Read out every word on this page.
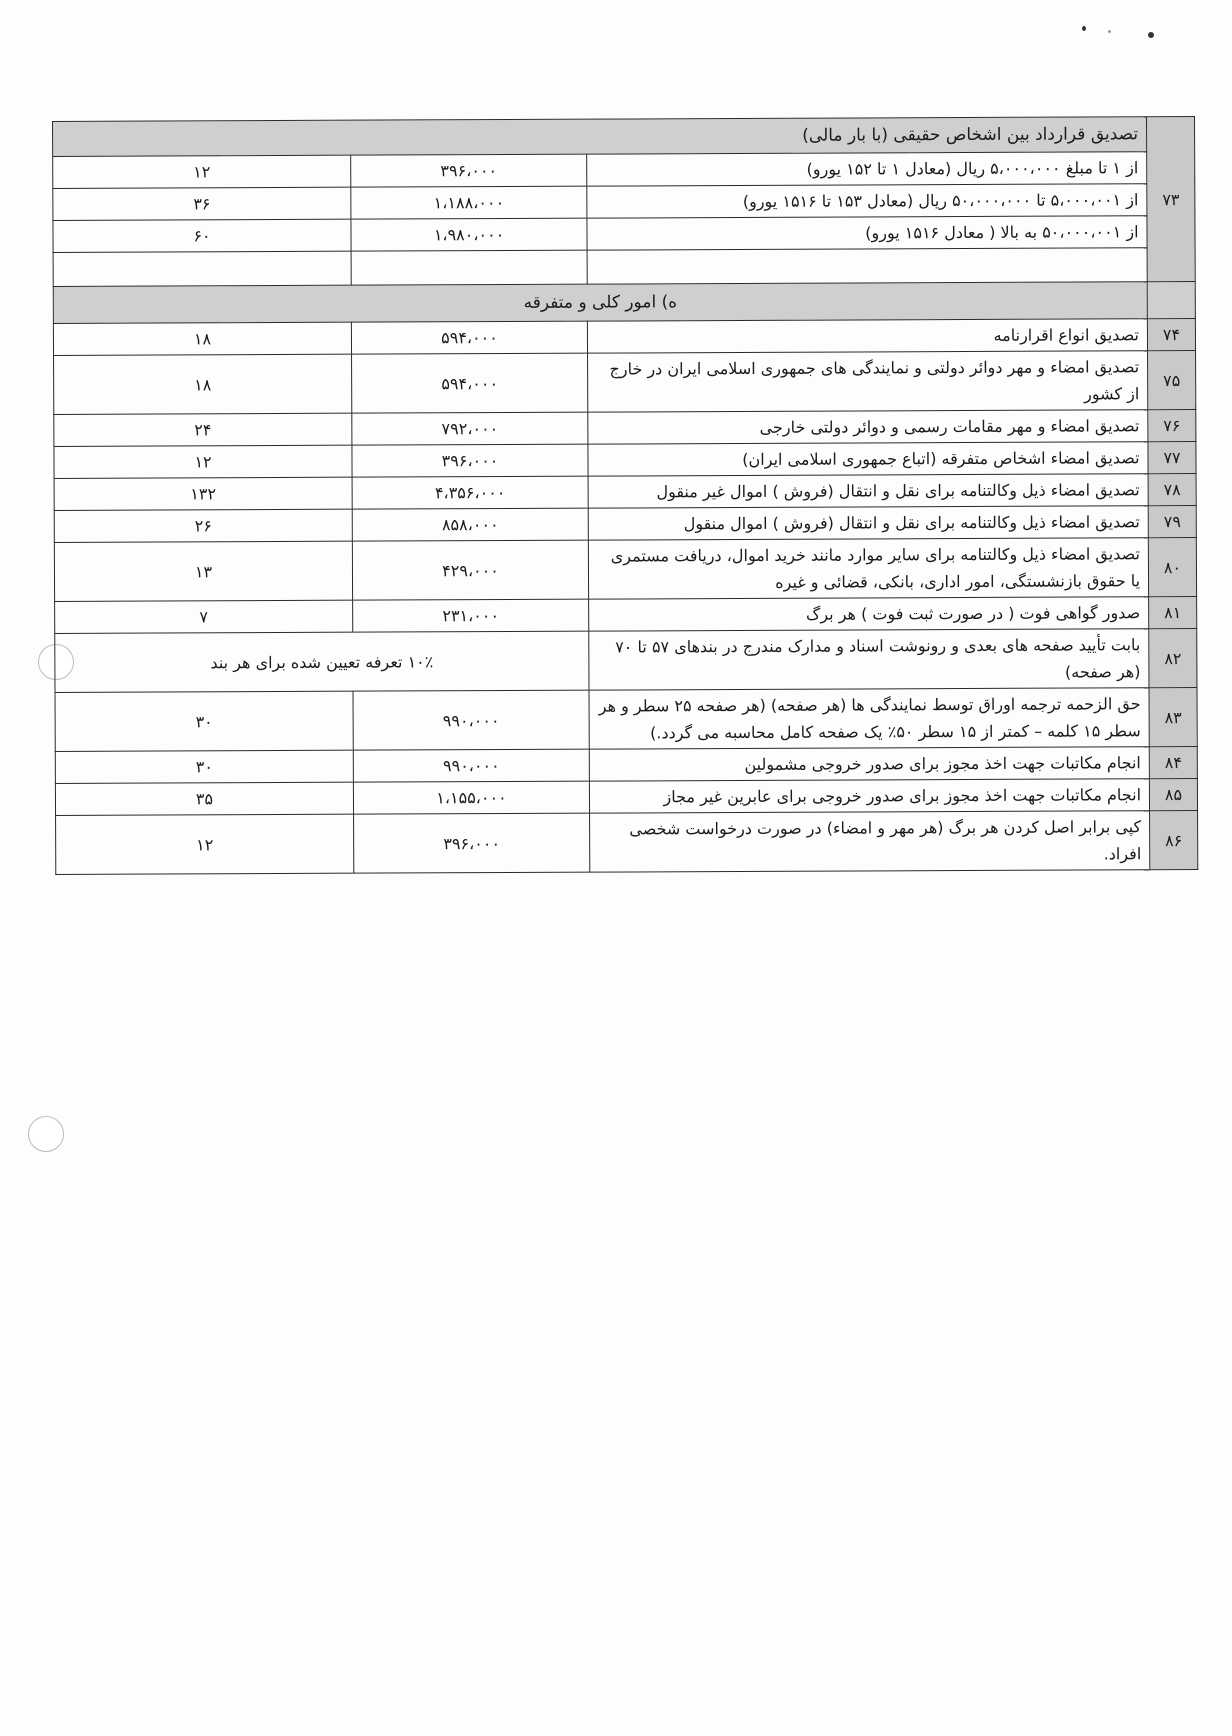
۷۳	تصدیق قرارداد بین اشخاص حقیقی (با بار مالی)		
	از ۱ تا مبلغ ۵،۰۰۰،۰۰۰ ریال (معادل ۱ تا ۱۵۲ یورو)	۳۹۶،۰۰۰	۱۲
	از ۵،۰۰۰،۰۰۱ تا ۵۰،۰۰۰،۰۰۰ ریال (معادل ۱۵۳ تا ۱۵۱۶ یورو)	۱،۱۸۸،۰۰۰	۳۶
	از ۵۰،۰۰۰،۰۰۱ به بالا ( معادل ۱۵۱۶ یورو)	۱،۹۸۰،۰۰۰	۶۰

	ه) امور کلی و متفرقه		
۷۴	تصدیق انواع اقرارنامه	۵۹۴،۰۰۰	۱۸
۷۵	تصدیق امضاء و مهر دوائر دولتی و نمایندگی های جمهوری اسلامی ایران در خارج از کشور	۵۹۴،۰۰۰	۱۸
۷۶	تصدیق امضاء و مهر مقامات رسمی و دوائر دولتی خارجی	۷۹۲،۰۰۰	۲۴
۷۷	تصدیق امضاء اشخاص متفرقه (اتباع جمهوری اسلامی ایران)	۳۹۶،۰۰۰	۱۲
۷۸	تصدیق امضاء ذیل وکالتنامه برای نقل و انتقال (فروش ) اموال غیر منقول	۴،۳۵۶،۰۰۰	۱۳۲
۷۹	تصدیق امضاء ذیل وکالتنامه برای نقل و انتقال (فروش ) اموال منقول	۸۵۸،۰۰۰	۲۶
۸۰	تصدیق امضاء ذیل وکالتنامه برای سایر موارد مانند خرید اموال، دریافت مستمری یا حقوق بازنشستگی، امور اداری، بانکی، قضائی و غیره	۴۲۹،۰۰۰	۱۳
۸۱	صدور گواهی فوت ( در صورت ثبت فوت ) هر برگ	۲۳۱،۰۰۰	۷
۸۲	بابت تأیید صفحه های بعدی و رونوشت اسناد و مدارک مندرج در بندهای ۵۷ تا ۷۰ (هر صفحه)	۱۰٪ تعرفه تعیین شده برای هر بند	
۸۳	حق الزحمه ترجمه اوراق توسط نمایندگی ها (هر صفحه) (هر صفحه ۲۵ سطر و هر سطر ۱۵ کلمه – کمتر از ۱۵ سطر ۵۰٪ یک صفحه کامل محاسبه می گردد.)	۹۹۰،۰۰۰	۳۰
۸۴	انجام مکاتبات جهت اخذ مجوز برای صدور خروجی مشمولین	۹۹۰،۰۰۰	۳۰
۸۵	انجام مکاتبات جهت اخذ مجوز برای صدور خروجی برای عابرین غیر مجاز	۱،۱۵۵،۰۰۰	۳۵
۸۶	کپی برابر اصل کردن هر برگ (هر مهر و امضاء) در صورت درخواست شخصی افراد.	۳۹۶،۰۰۰	۱۲
